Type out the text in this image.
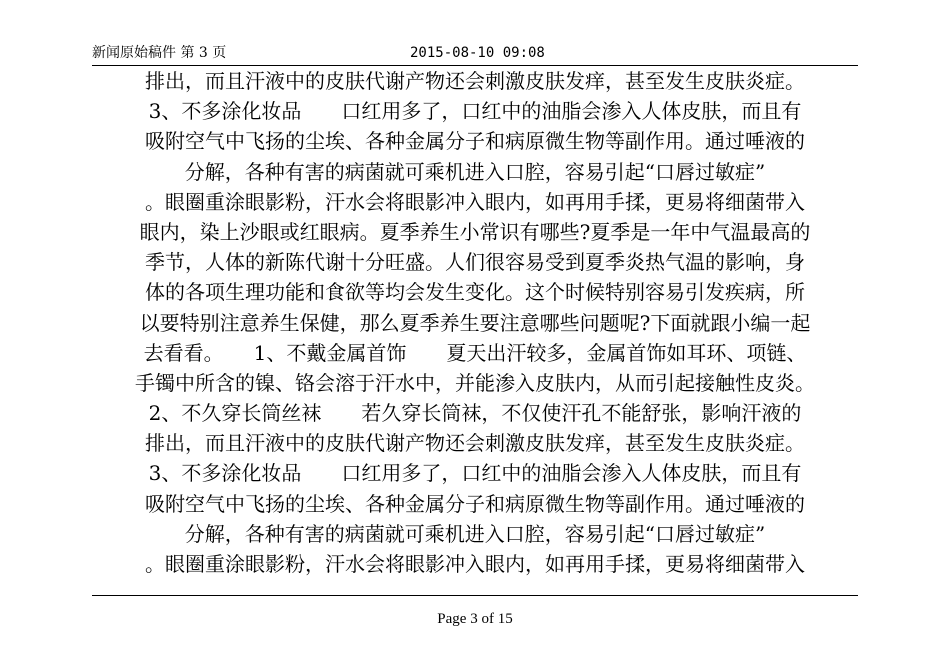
新闻原始稿件 第 3 页	2015-08-10 09:08
排出，而且汗液中的皮肤代谢产物还会刺激皮肤发痒，甚至发生皮肤炎症。
3、不多涂化妆品　　口红用多了，口红中的油脂会渗入人体皮肤，而且有
吸附空气中飞扬的尘埃、各种金属分子和病原微生物等副作用。通过唾液的
分解，各种有害的病菌就可乘机进入口腔，容易引起“口唇过敏症”
。眼圈重涂眼影粉，汗水会将眼影冲入眼内，如再用手揉，更易将细菌带入
眼内，染上沙眼或红眼病。夏季养生小常识有哪些?夏季是一年中气温最高的
季节，人体的新陈代谢十分旺盛。人们很容易受到夏季炎热气温的影响，身
体的各项生理功能和食欲等均会发生变化。这个时候特别容易引发疾病，所
以要特别注意养生保健，那么夏季养生要注意哪些问题呢?下面就跟小编一起
去看看。　　1、不戴金属首饰　　夏天出汗较多，金属首饰如耳环、项链、
手镯中所含的镍、铬会溶于汗水中，并能渗入皮肤内，从而引起接触性皮炎。
2、不久穿长筒丝袜　　若久穿长筒袜，不仅使汗孔不能舒张，影响汗液的
排出，而且汗液中的皮肤代谢产物还会刺激皮肤发痒，甚至发生皮肤炎症。
3、不多涂化妆品　　口红用多了，口红中的油脂会渗入人体皮肤，而且有
吸附空气中飞扬的尘埃、各种金属分子和病原微生物等副作用。通过唾液的
分解，各种有害的病菌就可乘机进入口腔，容易引起“口唇过敏症”
。眼圈重涂眼影粉，汗水会将眼影冲入眼内，如再用手揉，更易将细菌带入
Page 3 of 15
